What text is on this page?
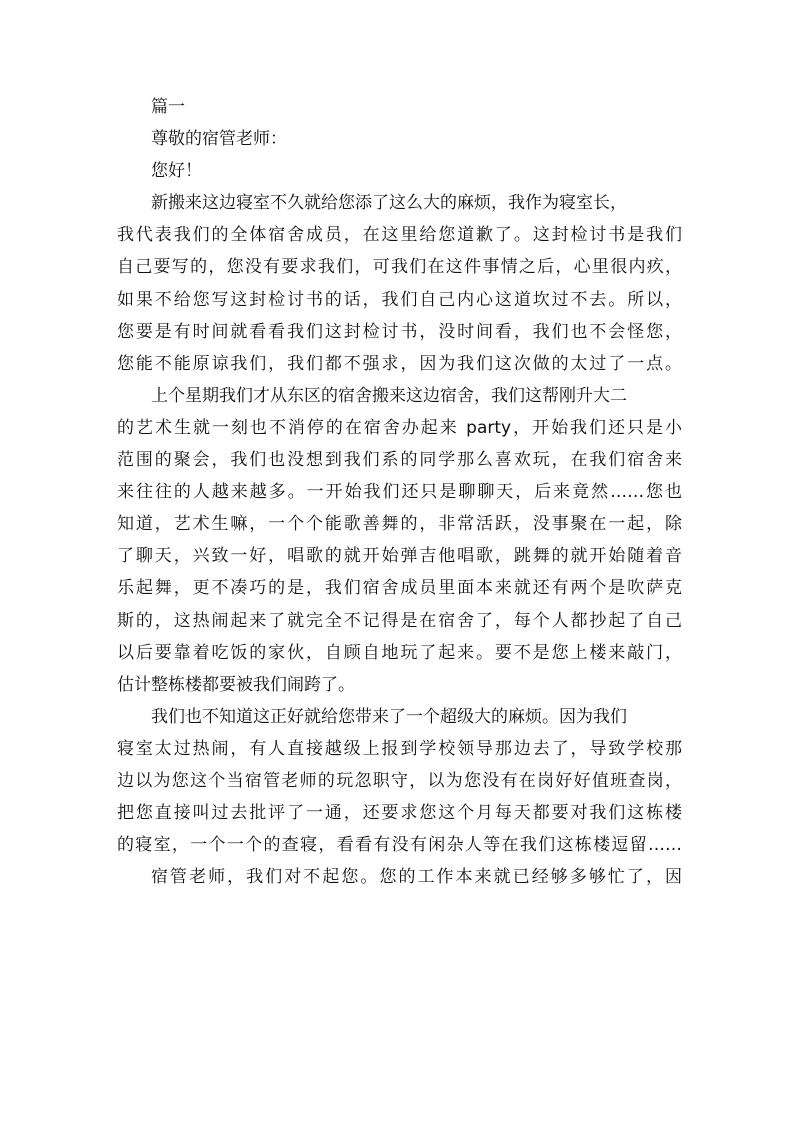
篇一
尊敬的宿管老师：
您好！
新搬来这边寝室不久就给您添了这么大的麻烦，我作为寝室长，
我代表我们的全体宿舍成员，在这里给您道歉了。这封检讨书是我们
自己要写的，您没有要求我们，可我们在这件事情之后，心里很内疚，
如果不给您写这封检讨书的话，我们自己内心这道坎过不去。所以，
您要是有时间就看看我们这封检讨书，没时间看，我们也不会怪您，
您能不能原谅我们，我们都不强求，因为我们这次做的太过了一点。
上个星期我们才从东区的宿舍搬来这边宿舍，我们这帮刚升大二
的艺术生就一刻也不消停的在宿舍办起来 party，开始我们还只是小
范围的聚会，我们也没想到我们系的同学那么喜欢玩，在我们宿舍来
来往往的人越来越多。一开始我们还只是聊聊天，后来竟然……您也
知道，艺术生嘛，一个个能歌善舞的，非常活跃，没事聚在一起，除
了聊天，兴致一好，唱歌的就开始弹吉他唱歌，跳舞的就开始随着音
乐起舞，更不凑巧的是，我们宿舍成员里面本来就还有两个是吹萨克
斯的，这热闹起来了就完全不记得是在宿舍了，每个人都抄起了自己
以后要靠着吃饭的家伙，自顾自地玩了起来。要不是您上楼来敲门，
估计整栋楼都要被我们闹跨了。
我们也不知道这正好就给您带来了一个超级大的麻烦。因为我们
寝室太过热闹，有人直接越级上报到学校领导那边去了，导致学校那
边以为您这个当宿管老师的玩忽职守，以为您没有在岗好好值班查岗，
把您直接叫过去批评了一通，还要求您这个月每天都要对我们这栋楼
的寝室，一个一个的查寝，看看有没有闲杂人等在我们这栋楼逗留……
宿管老师，我们对不起您。您的工作本来就已经够多够忙了，因
